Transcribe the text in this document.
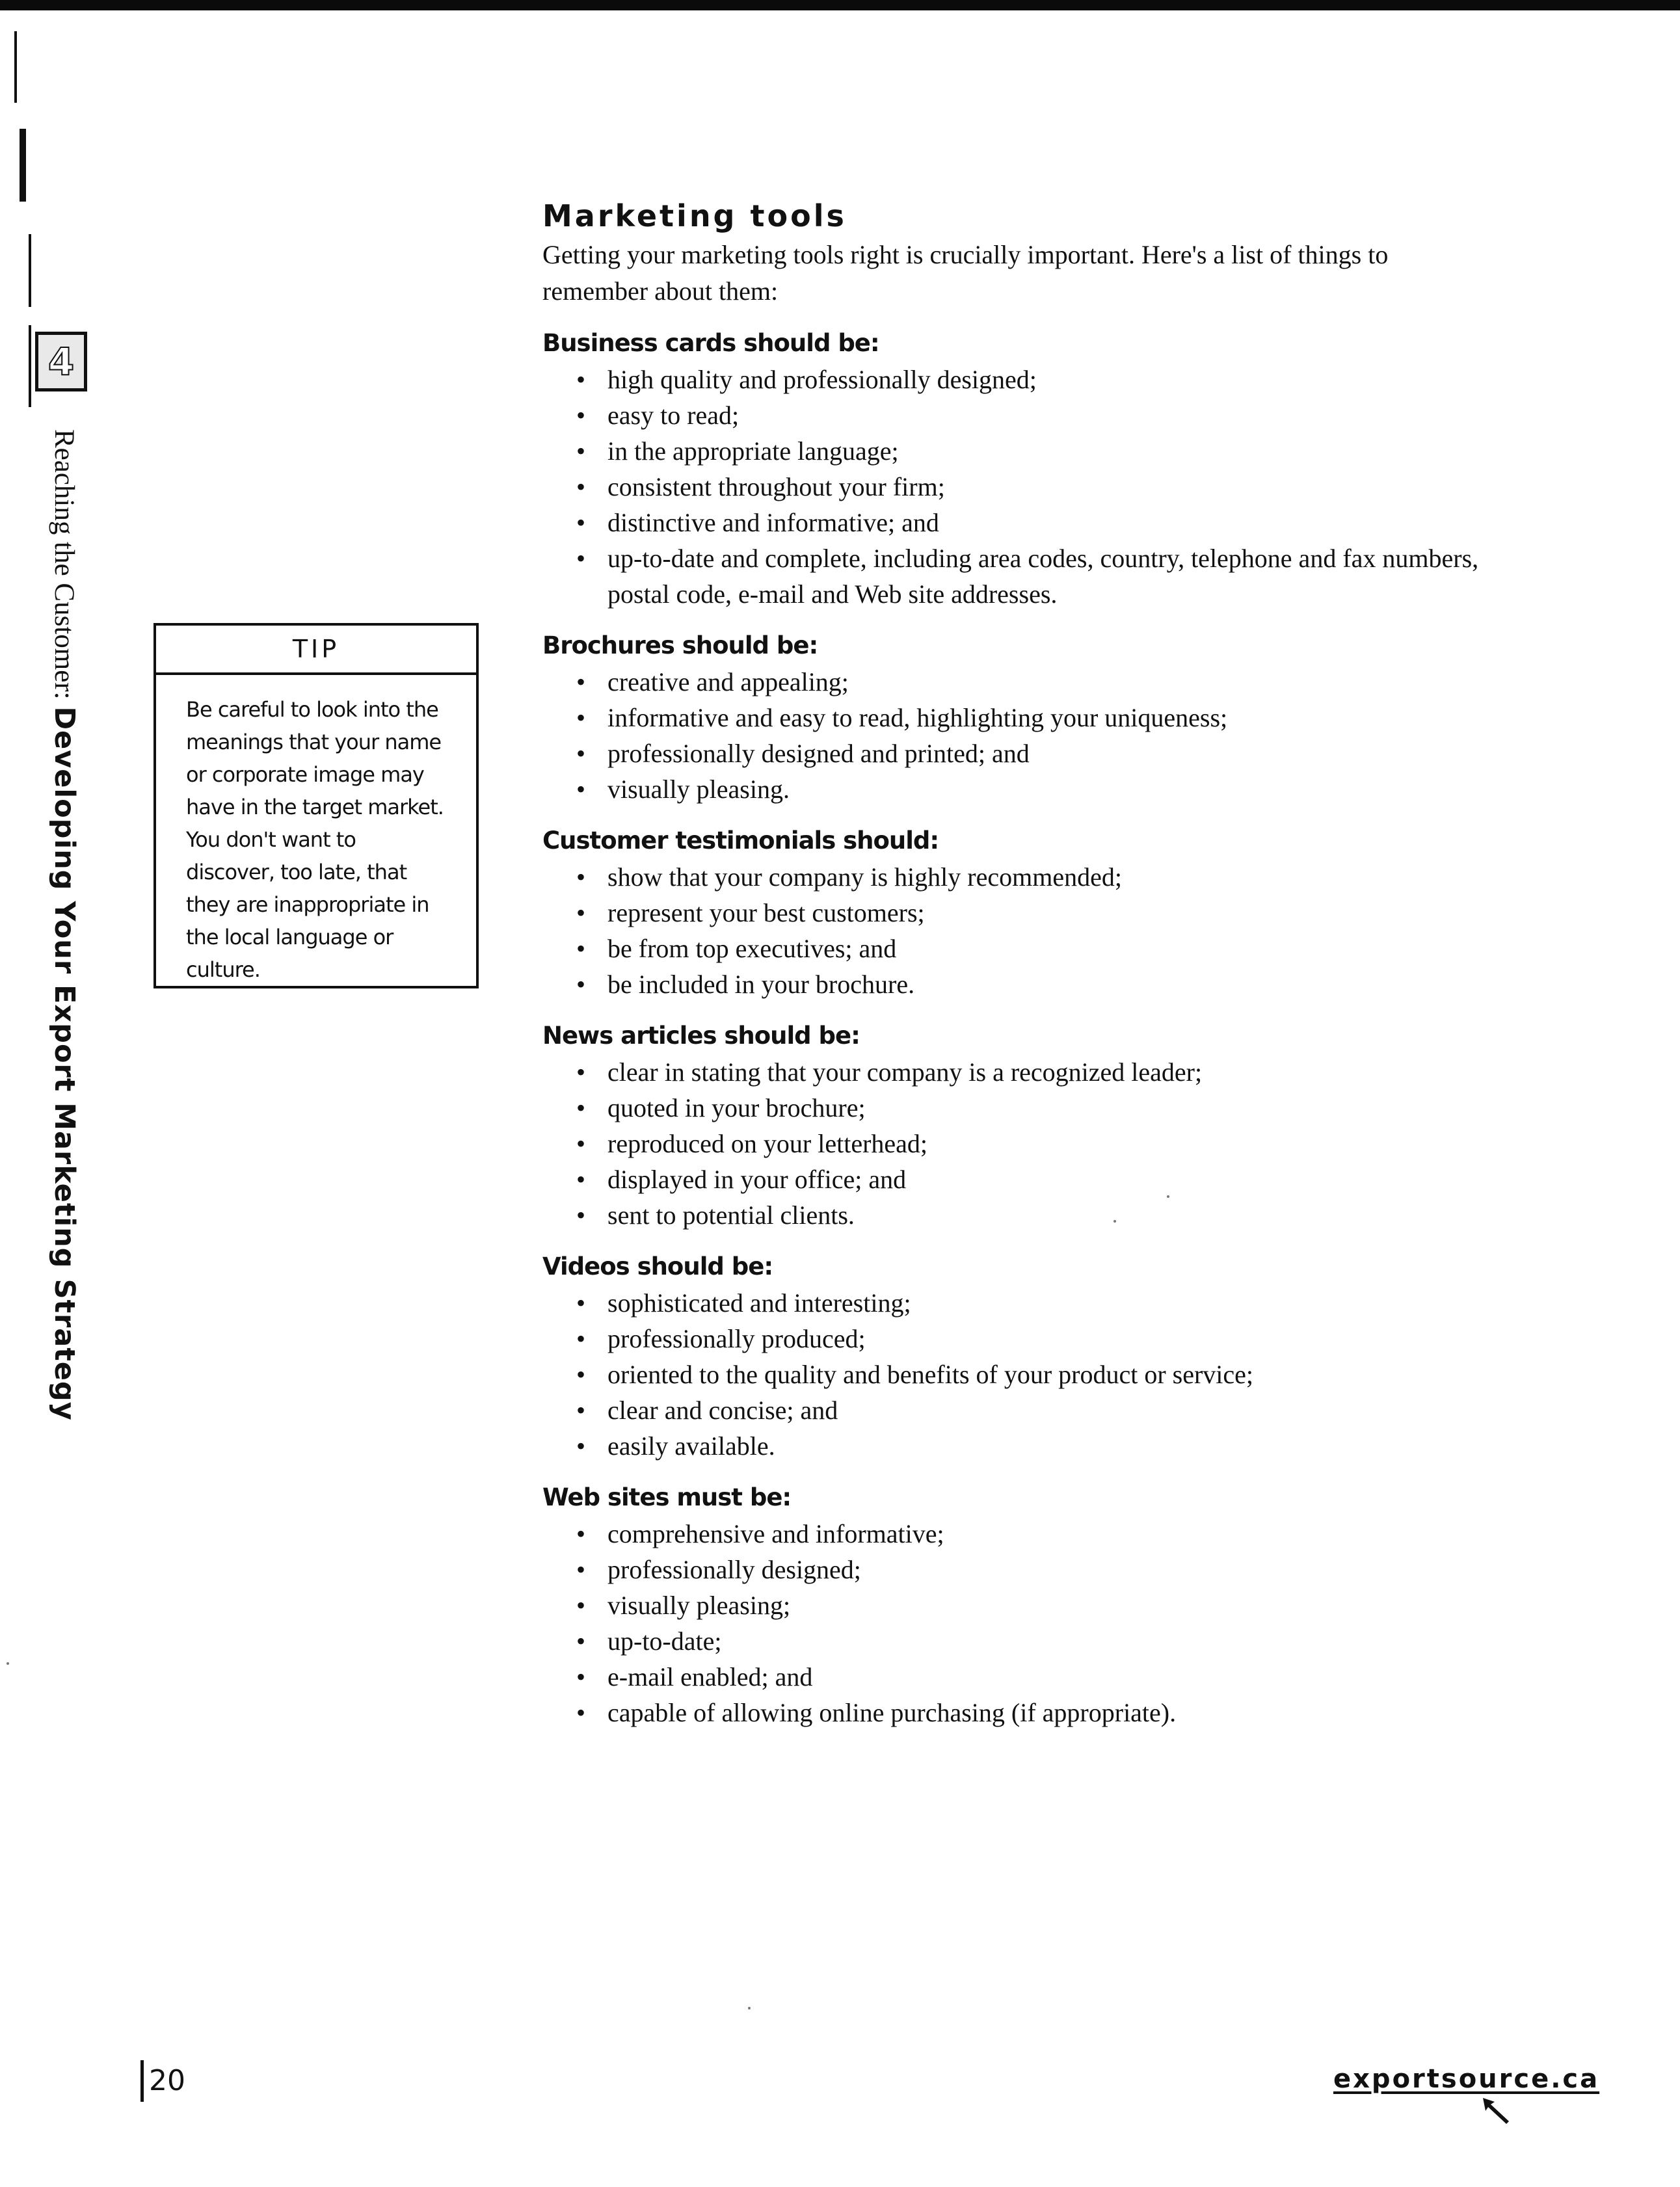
4
Reaching the Customer: Developing Your Export Marketing Strategy
TIP
Be careful to look into the meanings that your name or corporate image may have in the target market. You don't want to discover, too late, that they are inappropriate in the local language or culture.
Marketing tools

Getting your marketing tools right is crucially important. Here's a list of things to remember about them:

Business cards should be:
• high quality and professionally designed;
• easy to read;
• in the appropriate language;
• consistent throughout your firm;
• distinctive and informative; and
• up-to-date and complete, including area codes, country, telephone and fax numbers, postal code, e-mail and Web site addresses.
Brochures should be:
• creative and appealing;
• informative and easy to read, highlighting your uniqueness;
• professionally designed and printed; and
• visually pleasing.
Customer testimonials should:
• show that your company is highly recommended;
• represent your best customers;
• be from top executives; and
• be included in your brochure.
News articles should be:
• clear in stating that your company is a recognized leader;
• quoted in your brochure;
• reproduced on your letterhead;
• displayed in your office; and
• sent to potential clients.
Videos should be:
• sophisticated and interesting;
• professionally produced;
• oriented to the quality and benefits of your product or service;
• clear and concise; and
• easily available.
Web sites must be:
• comprehensive and informative;
• professionally designed;
• visually pleasing;
• up-to-date;
• e-mail enabled; and
• capable of allowing online purchasing (if appropriate).
20	exportsource.ca
